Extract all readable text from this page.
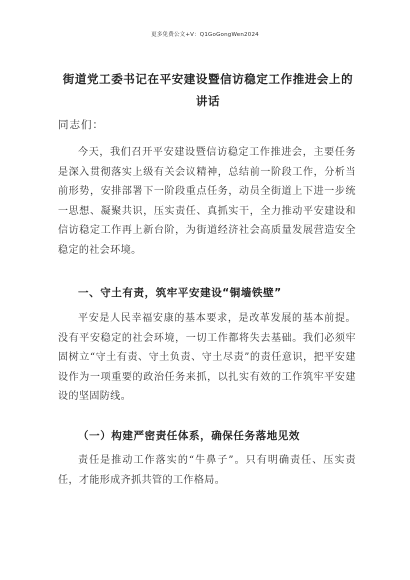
更多免费公文+V：Q1GoGongWen2024
街道党工委书记在平安建设暨信访稳定工作推进会上的讲话
同志们：
今天，我们召开平安建设暨信访稳定工作推进会，主要任务是深入贯彻落实上级有关会议精神，总结前一阶段工作，分析当前形势，安排部署下一阶段重点任务，动员全街道上下进一步统一思想、凝聚共识，压实责任、真抓实干，全力推动平安建设和信访稳定工作再上新台阶，为街道经济社会高质量发展营造安全稳定的社会环境。
一、守土有责，筑牢平安建设“铜墙铁壁”
平安是人民幸福安康的基本要求，是改革发展的基本前提。没有平安稳定的社会环境，一切工作都将失去基础。我们必须牢固树立“守土有责、守土负责、守土尽责”的责任意识，把平安建设作为一项重要的政治任务来抓，以扎实有效的工作筑牢平安建设的坚固防线。
（一）构建严密责任体系，确保任务落地见效
责任是推动工作落实的“牛鼻子”。只有明确责任、压实责任，才能形成齐抓共管的工作格局。
